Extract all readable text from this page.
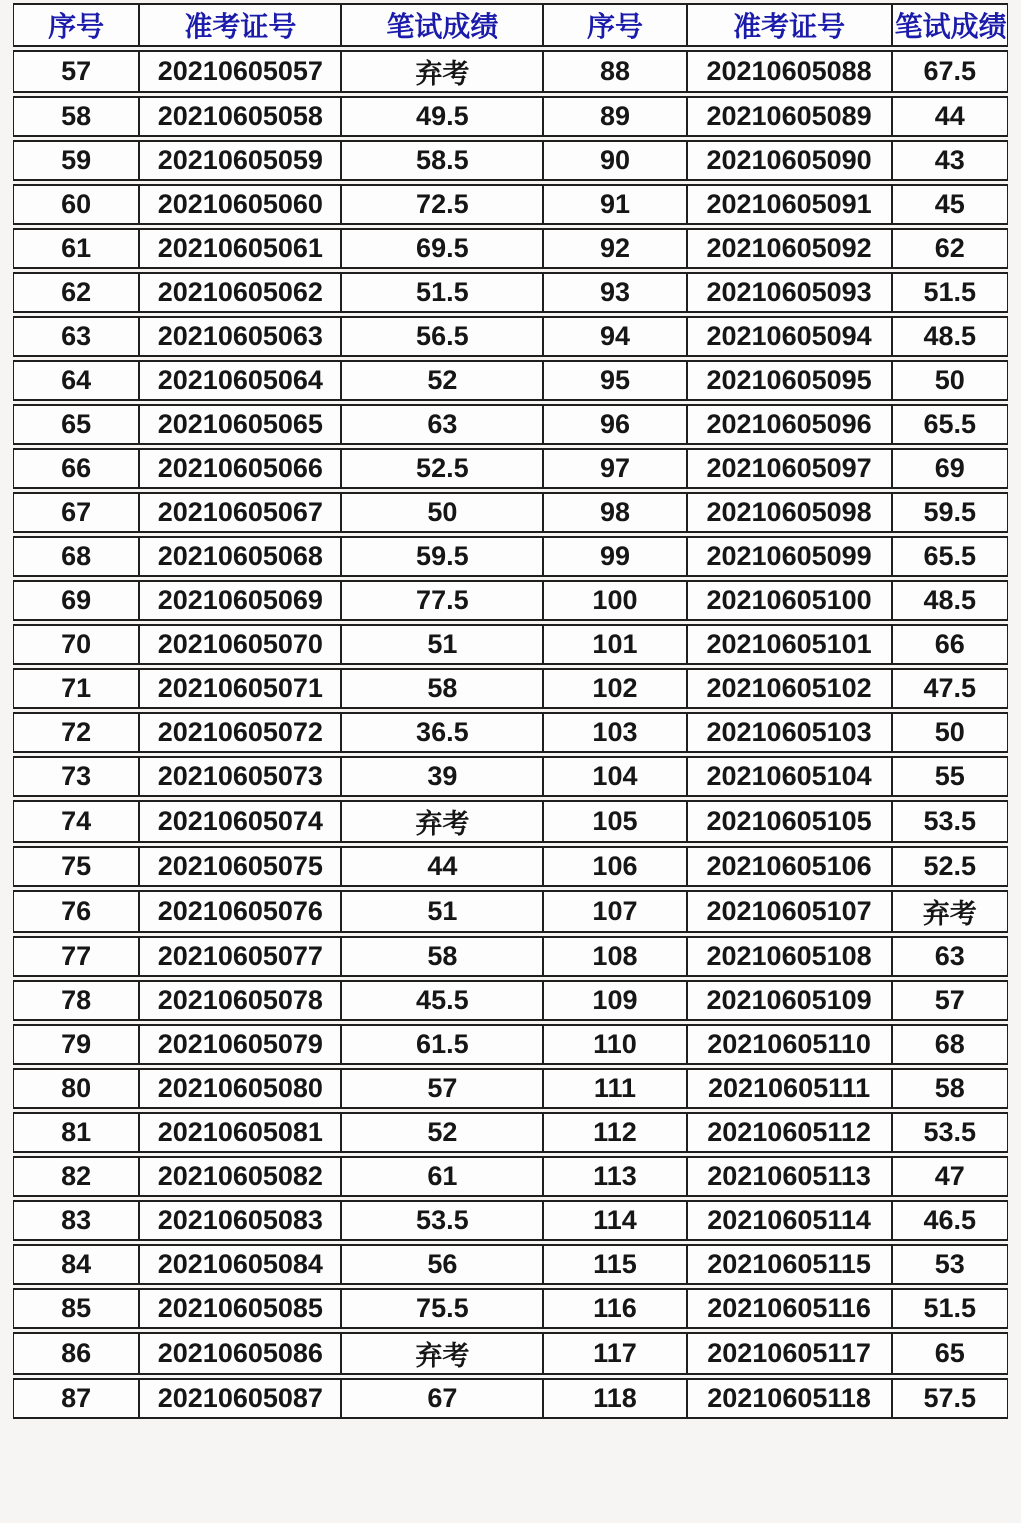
序号	准考证号	笔试成绩	序号	准考证号	笔试成绩
57	20210605057	弃考	88	20210605088	67.5
58	20210605058	49.5	89	20210605089	44
59	20210605059	58.5	90	20210605090	43
60	20210605060	72.5	91	20210605091	45
61	20210605061	69.5	92	20210605092	62
62	20210605062	51.5	93	20210605093	51.5
63	20210605063	56.5	94	20210605094	48.5
64	20210605064	52	95	20210605095	50
65	20210605065	63	96	20210605096	65.5
66	20210605066	52.5	97	20210605097	69
67	20210605067	50	98	20210605098	59.5
68	20210605068	59.5	99	20210605099	65.5
69	20210605069	77.5	100	20210605100	48.5
70	20210605070	51	101	20210605101	66
71	20210605071	58	102	20210605102	47.5
72	20210605072	36.5	103	20210605103	50
73	20210605073	39	104	20210605104	55
74	20210605074	弃考	105	20210605105	53.5
75	20210605075	44	106	20210605106	52.5
76	20210605076	51	107	20210605107	弃考
77	20210605077	58	108	20210605108	63
78	20210605078	45.5	109	20210605109	57
79	20210605079	61.5	110	20210605110	68
80	20210605080	57	111	20210605111	58
81	20210605081	52	112	20210605112	53.5
82	20210605082	61	113	20210605113	47
83	20210605083	53.5	114	20210605114	46.5
84	20210605084	56	115	20210605115	53
85	20210605085	75.5	116	20210605116	51.5
86	20210605086	弃考	117	20210605117	65
87	20210605087	67	118	20210605118	57.5
